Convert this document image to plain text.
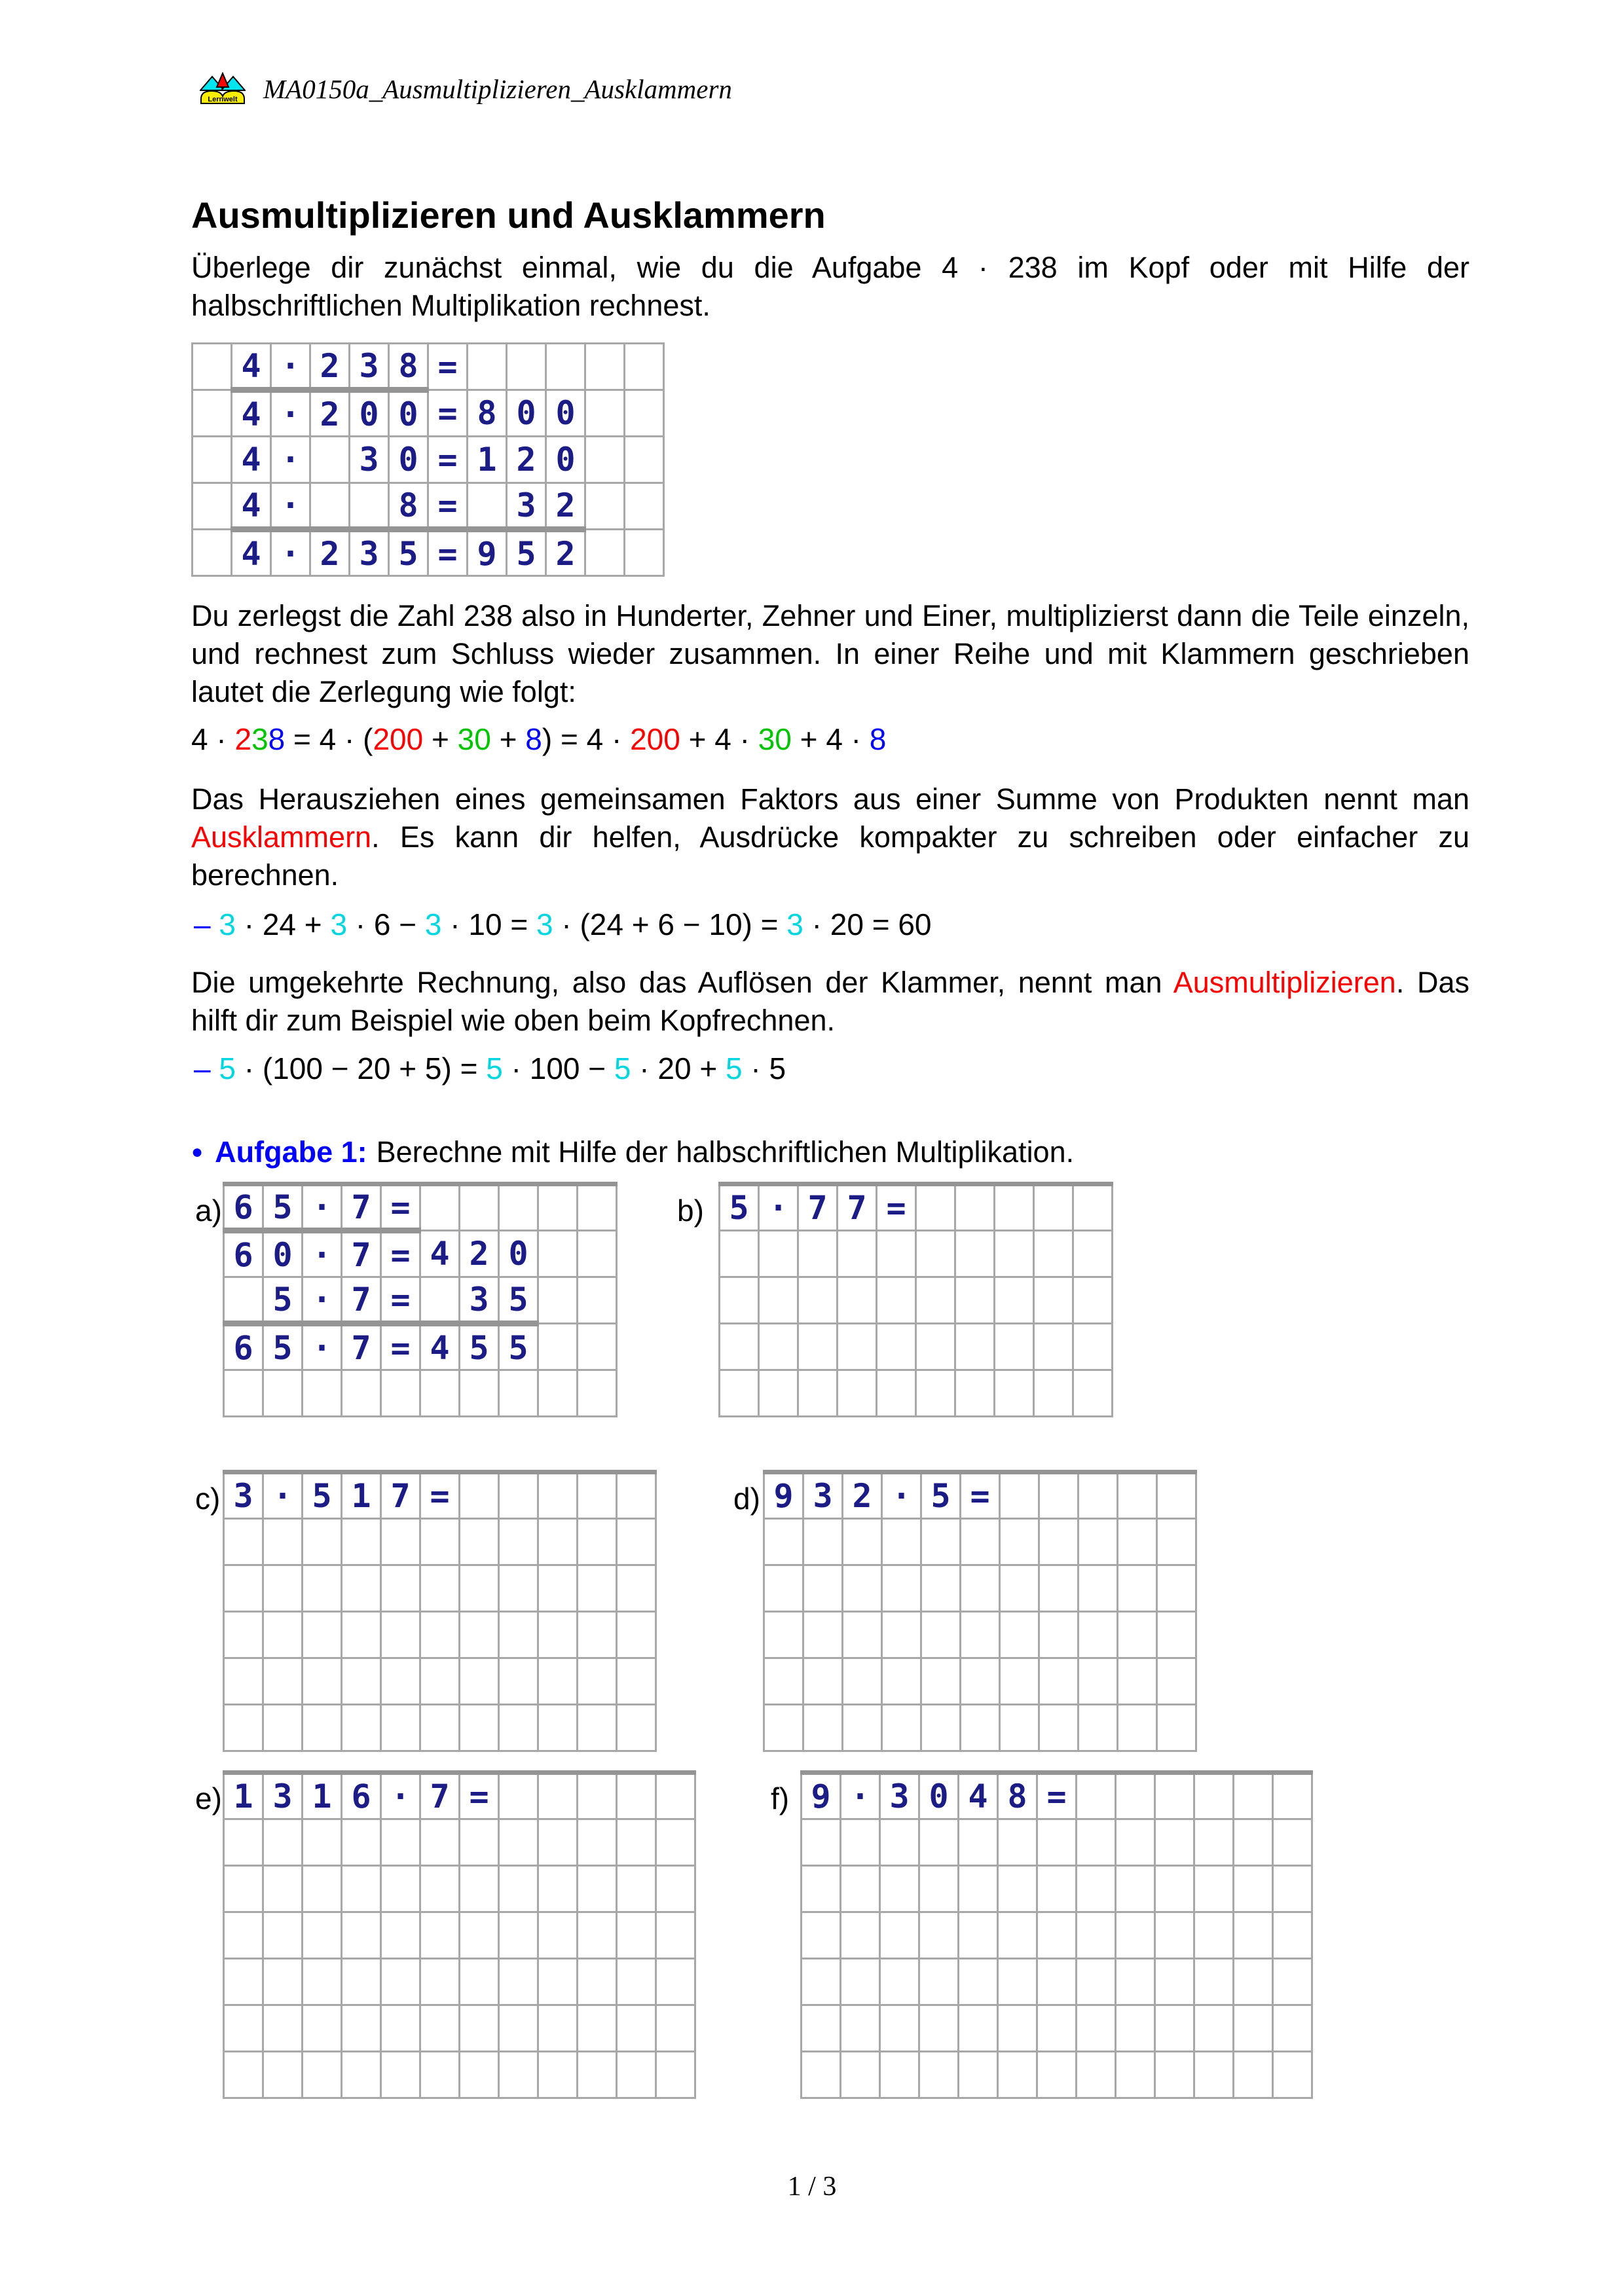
Lernwelt MA0150a_Ausmultiplizieren_Ausklammern
Ausmultiplizieren und Ausklammern
Überlege dir zunächst einmal, wie du die Aufgabe 4 · 238 im Kopf oder mit Hilfe der halbschriftlichen Multiplikation rechnest.
	4	·	2	3	8	=					
	4	·	2	0	0	=	8	0	0		
	4	·		3	0	=	1	2	0		
	4	·			8	=		3	2		
	4	·	2	3	5	=	9	5	2		
Du zerlegst die Zahl 238 also in Hunderter, Zehner und Einer, multiplizierst dann die Teile einzeln, und rechnest zum Schluss wieder zusammen. In einer Reihe und mit Klammern geschrieben lautet die Zerlegung wie folgt:
4 · 238 = 4 · (200 + 30 + 8) = 4 · 200 + 4 · 30 + 4 · 8
Das Herausziehen eines gemeinsamen Faktors aus einer Summe von Produkten nennt man Ausklammern. Es kann dir helfen, Ausdrücke kompakter zu schreiben oder einfacher zu berechnen.
– 3 · 24 + 3 · 6 − 3 · 10 = 3 · (24 + 6 − 10) = 3 · 20 = 60
Die umgekehrte Rechnung, also das Auflösen der Klammer, nennt man Ausmultiplizieren. Das hilft dir zum Beispiel wie oben beim Kopfrechnen.
– 5 · (100 − 20 + 5) = 5 · 100 − 5 · 20 + 5 · 5
● Aufgabe 1: Berechne mit Hilfe der halbschriftlichen Multiplikation.
a) 6	5	·	7	=					
6	0	·	7	=	4	2	0		
	5	·	7	=		3	5		
6	5	·	7	=	4	5	5		

b) 5	·	7	7	=					

c) 3	·	5	1	7	=					

											d) 9	3	2	·	5	=					

e) 1	3	1	6	·	7	=					

												f) 9	·	3	0	4	8	=						

1 / 3
